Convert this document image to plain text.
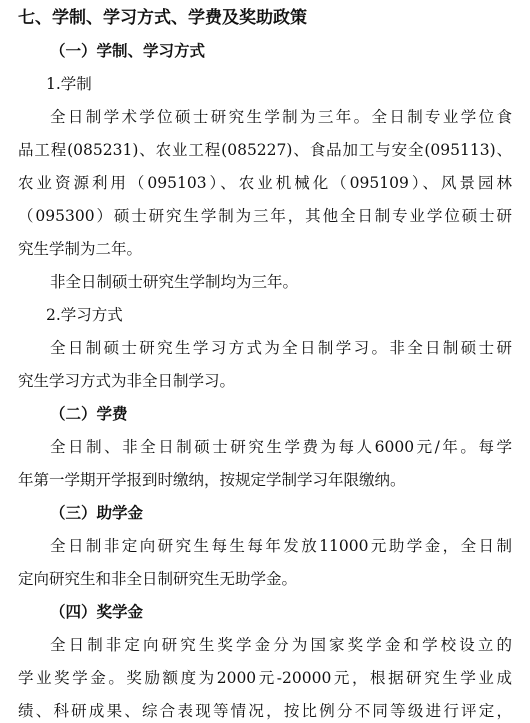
七、学制、学习方式、学费及奖助政策
（一）学制、学习方式
1.学制
全日制学术学位硕士研究生学制为三年。全日制专业学位食
品工程(085231)、农业工程(085227)、食品加工与安全(095113)、
农业资源利用（095103）、农业机械化（095109）、风景园林
（095300）硕士研究生学制为三年，其他全日制专业学位硕士研
究生学制为二年。
非全日制硕士研究生学制均为三年。
2.学习方式
全日制硕士研究生学习方式为全日制学习。非全日制硕士研
究生学习方式为非全日制学习。
（二）学费
全日制、非全日制硕士研究生学费为每人6000元/年。每学
年第一学期开学报到时缴纳，按规定学制学习年限缴纳。
（三）助学金
全日制非定向研究生每生每年发放11000元助学金，全日制
定向研究生和非全日制研究生无助学金。
（四）奖学金
全日制非定向研究生奖学金分为国家奖学金和学校设立的
学业奖学金。奖励额度为2000元-20000元，根据研究生学业成
绩、科研成果、综合表现等情况，按比例分不同等级进行评定，
